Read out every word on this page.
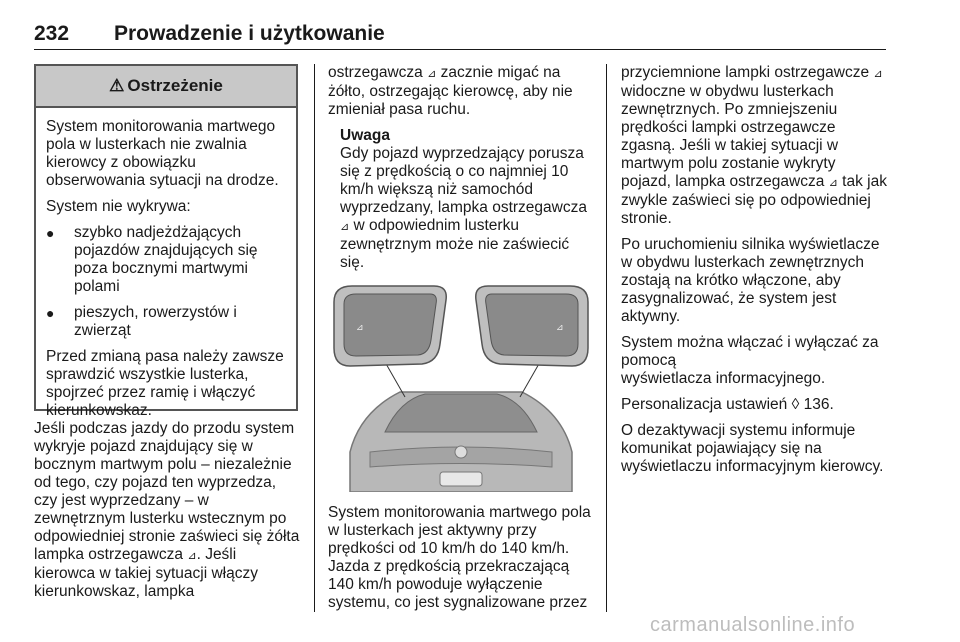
232 Prowadzenie i użytkowanie
⚠ Ostrzeżenie

System monitorowania martwego pola w lusterkach nie zwalnia kierowcy z obowiązku obserwowania sytuacji na drodze.

System nie wykrywa:

●	szybko nadjeżdżających pojazdów znajdujących się poza bocznymi martwymi polami
●	pieszych, rowerzystów i zwierząt

Przed zmianą pasa należy zawsze sprawdzić wszystkie lusterka, spojrzeć przez ramię i włączyć kierunkowskaz.

Jeśli podczas jazdy do przodu system wykryje pojazd znajdujący się w bocznym martwym polu – niezależnie od tego, czy pojazd ten wyprzedza, czy jest wyprzedzany – w zewnętrznym lusterku wstecznym po odpowiedniej stronie zaświeci się żółta lampka ostrzegawcza ⊿. Jeśli kierowca w takiej sytuacji włączy kierunkowskaz, lampka

ostrzegawcza ⊿ zacznie migać na żółto, ostrzegając kierowcę, aby nie zmieniał pasa ruchu.

Uwaga

Gdy pojazd wyprzedzający porusza się z prędkością o co najmniej 10 km/h większą niż samochód wyprzedzany, lampka ostrzegawcza ⊿ w odpowiednim lusterku zewnętrznym może nie zaświecić się.

⊿	⊿

System monitorowania martwego pola w lusterkach jest aktywny przy prędkości od 10 km/h do 140 km/h. Jazda z prędkością przekraczającą 140 km/h powoduje wyłączenie systemu, co jest sygnalizowane przez

przyciemnione lampki ostrzegawcze ⊿ widoczne w obydwu lusterkach zewnętrznych. Po zmniejszeniu prędkości lampki ostrzegawcze zgasną. Jeśli w takiej sytuacji w martwym polu zostanie wykryty pojazd, lampka ostrzegawcza ⊿ tak jak zwykle zaświeci się po odpowiedniej stronie.

Po uruchomieniu silnika wyświetlacze w obydwu lusterkach zewnętrznych zostają na krótko włączone, aby zasygnalizować, że system jest aktywny.

System można włączać i wyłączać za pomocą
wyświetlacza informacyjnego.

Personalizacja ustawień ◊ 136.

O dezaktywacji systemu informuje komunikat pojawiający się na wyświetlaczu informacyjnym kierowcy.

carmanualsonline.info
